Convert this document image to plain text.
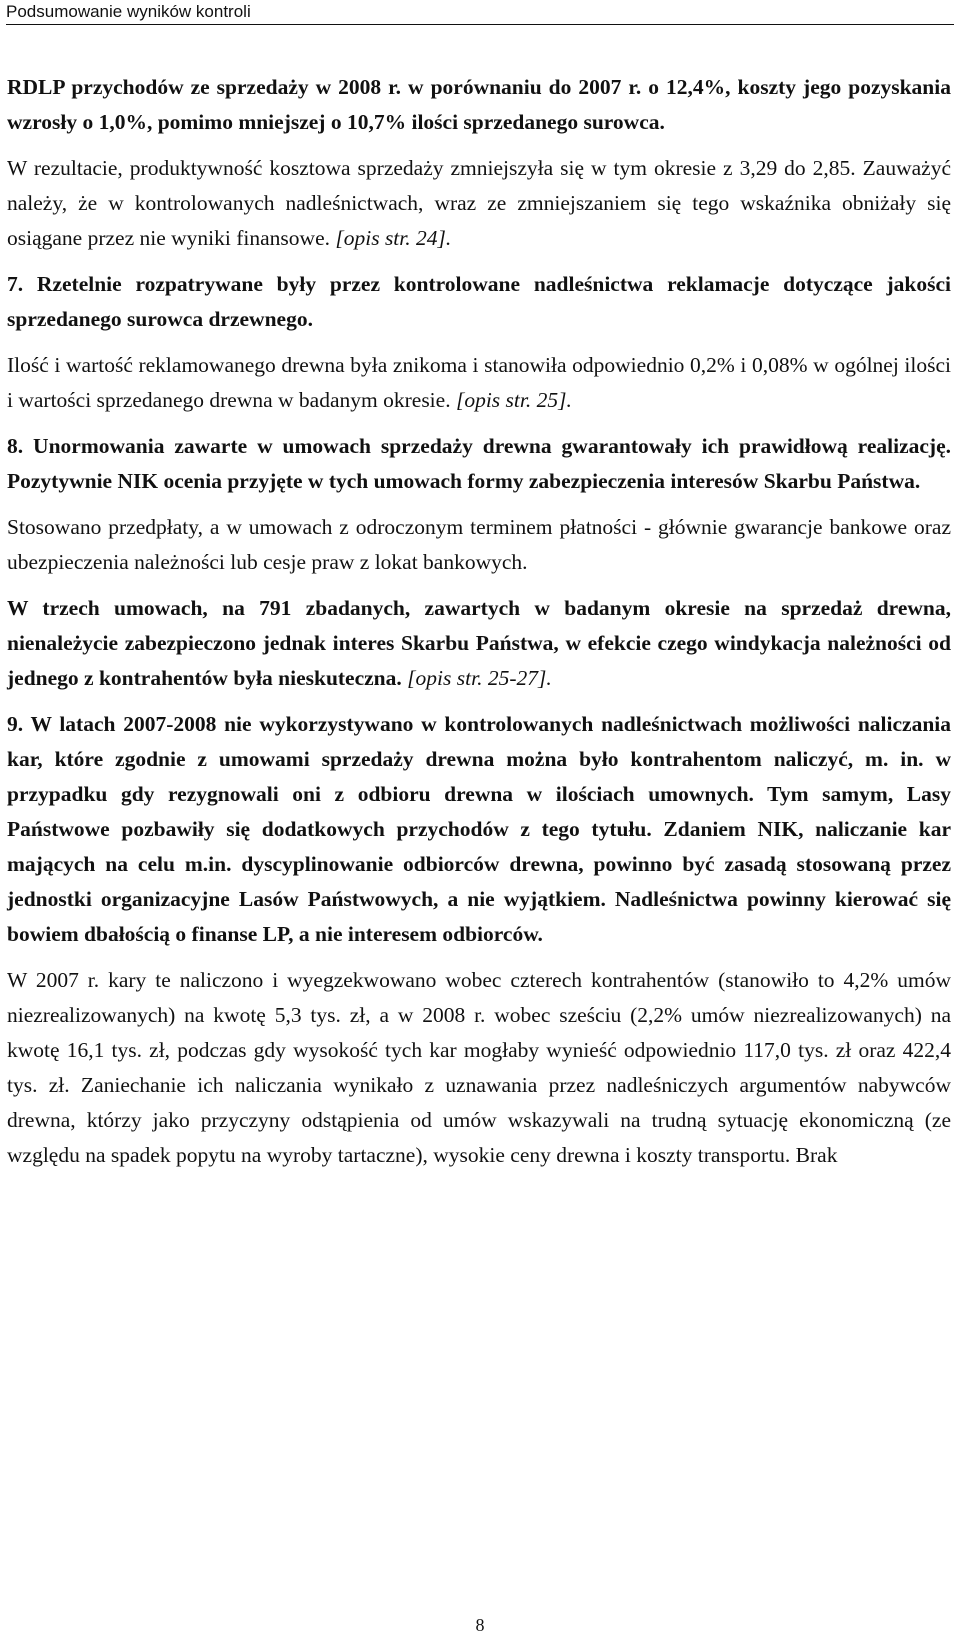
Podsumowanie wyników kontroli

RDLP przychodów ze sprzedaży w 2008 r. w porównaniu do 2007 r. o 12,4%, koszty jego pozyskania wzrosły o 1,0%, pomimo mniejszej o 10,7% ilości sprzedanego surowca.

W rezultacie, produktywność kosztowa sprzedaży zmniejszyła się w tym okresie z 3,29 do 2,85. Zauważyć należy, że w kontrolowanych nadleśnictwach, wraz ze zmniejszaniem się tego wskaźnika obniżały się osiągane przez nie wyniki finansowe. [opis str. 24].

7. Rzetelnie rozpatrywane były przez kontrolowane nadleśnictwa reklamacje dotyczące jakości sprzedanego surowca drzewnego.

Ilość i wartość reklamowanego drewna była znikoma i stanowiła odpowiednio 0,2% i 0,08% w ogólnej ilości i wartości sprzedanego drewna w badanym okresie. [opis str. 25].

8. Unormowania zawarte w umowach sprzedaży drewna gwarantowały ich prawidłową realizację. Pozytywnie NIK ocenia przyjęte w tych umowach formy zabezpieczenia interesów Skarbu Państwa.

Stosowano przedpłaty, a w umowach z odroczonym terminem płatności - głównie gwarancje bankowe oraz ubezpieczenia należności lub cesje praw z lokat bankowych.

W trzech umowach, na 791 zbadanych, zawartych w badanym okresie na sprzedaż drewna, nienależycie zabezpieczono jednak interes Skarbu Państwa, w efekcie czego windykacja należności od jednego z kontrahentów była nieskuteczna. [opis str. 25-27].

9. W latach 2007-2008 nie wykorzystywano w kontrolowanych nadleśnictwach możliwości naliczania kar, które zgodnie z umowami sprzedaży drewna można było kontrahentom naliczyć, m. in. w przypadku gdy rezygnowali oni z odbioru drewna w ilościach umownych. Tym samym, Lasy Państwowe pozbawiły się dodatkowych przychodów z tego tytułu. Zdaniem NIK, naliczanie kar mających na celu m.in. dyscyplinowanie odbiorców drewna, powinno być zasadą stosowaną przez jednostki organizacyjne Lasów Państwowych, a nie wyjątkiem. Nadleśnictwa powinny kierować się bowiem dbałością o finanse LP, a nie interesem odbiorców.

W 2007 r. kary te naliczono i wyegzekwowano wobec czterech kontrahentów (stanowiło to 4,2% umów niezrealizowanych) na kwotę 5,3 tys. zł, a w 2008 r. wobec sześciu (2,2% umów niezrealizowanych) na kwotę 16,1 tys. zł, podczas gdy wysokość tych kar mogłaby wynieść odpowiednio 117,0 tys. zł oraz 422,4 tys. zł. Zaniechanie ich naliczania wynikało z uznawania przez nadleśniczych argumentów nabywców drewna, którzy jako przyczyny odstąpienia od umów wskazywali na trudną sytuację ekonomiczną (ze względu na spadek popytu na wyroby tartaczne), wysokie ceny drewna i koszty transportu. Brak

8
